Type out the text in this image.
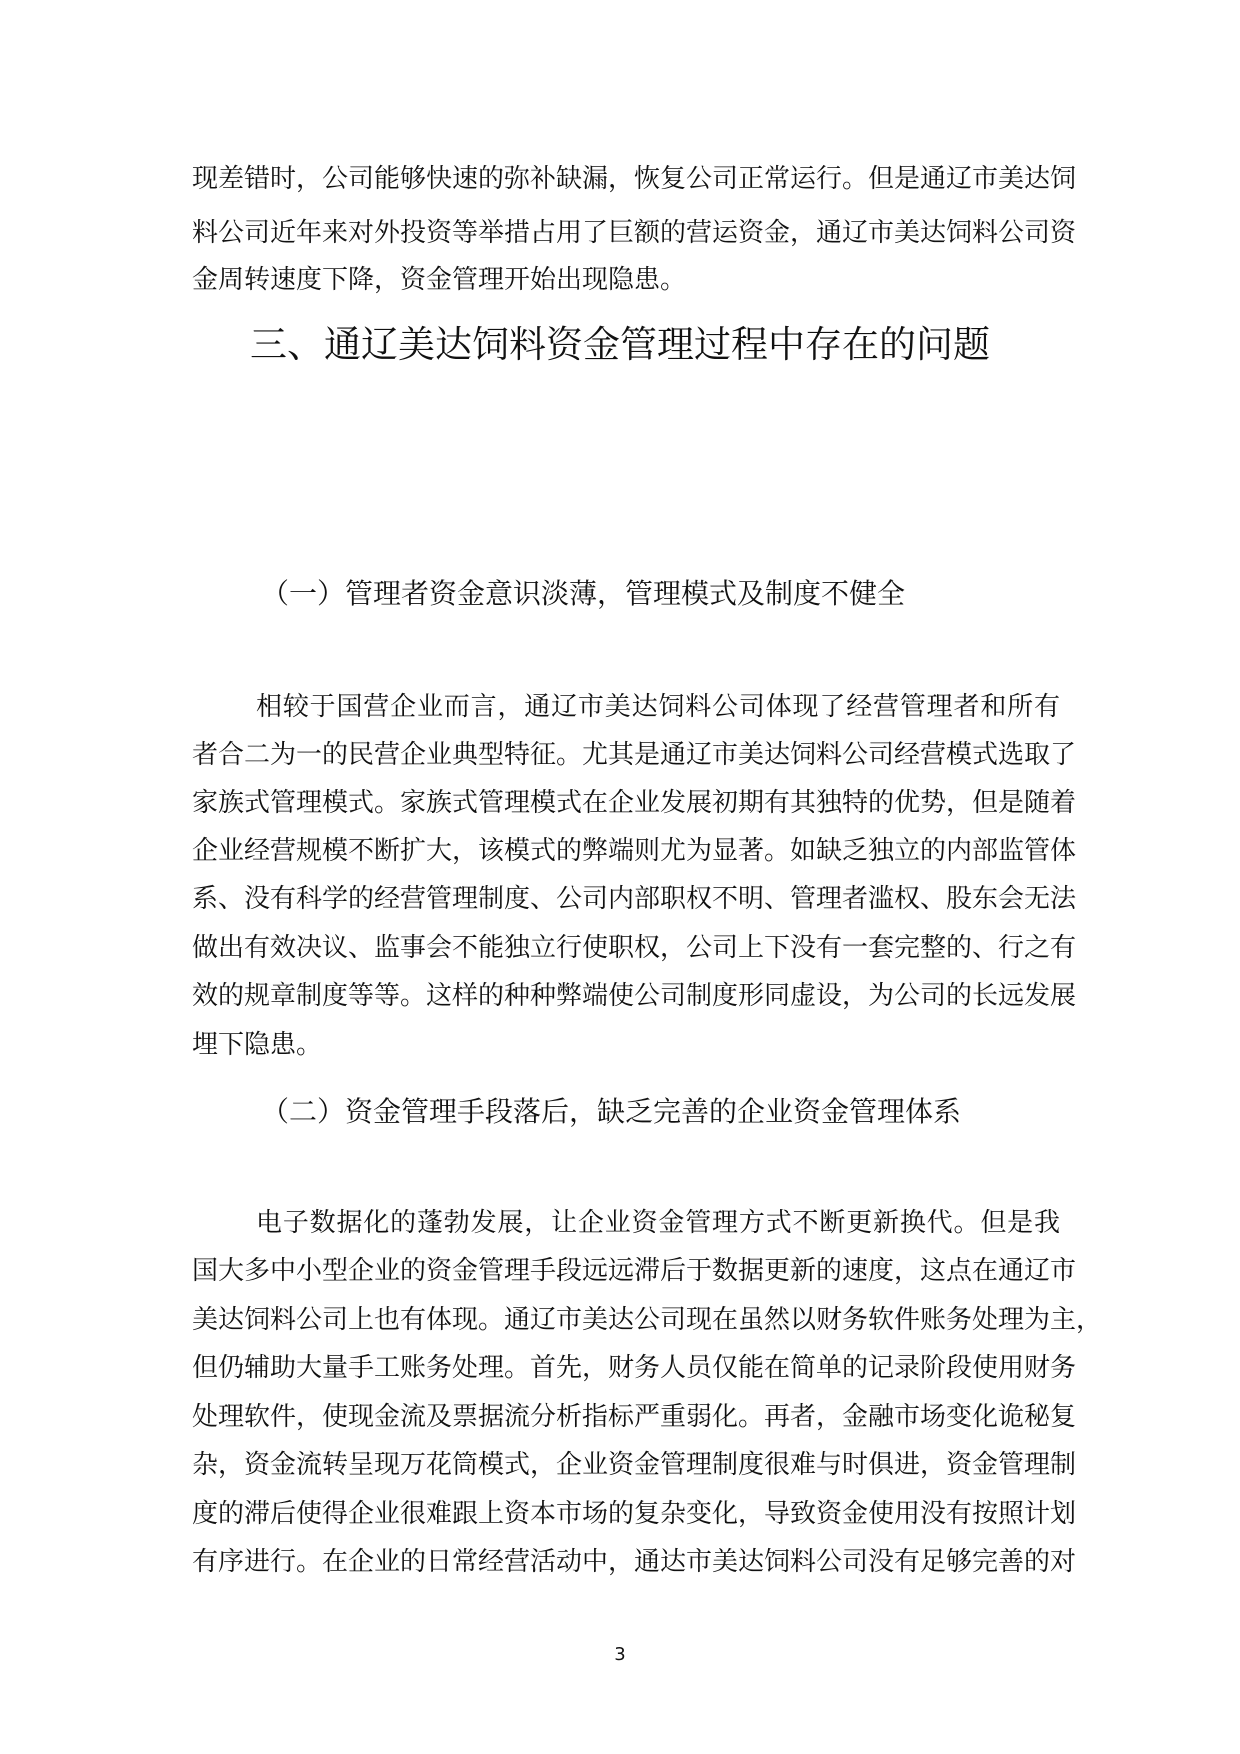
现差错时，公司能够快速的弥补缺漏，恢复公司正常运行。但是通辽市美达饲
料公司近年来对外投资等举措占用了巨额的营运资金，通辽市美达饲料公司资
金周转速度下降，资金管理开始出现隐患。
三、通辽美达饲料资金管理过程中存在的问题
（一）管理者资金意识淡薄，管理模式及制度不健全
相较于国营企业而言，通辽市美达饲料公司体现了经营管理者和所有
者合二为一的民营企业典型特征。尤其是通辽市美达饲料公司经营模式选取了
家族式管理模式。家族式管理模式在企业发展初期有其独特的优势，但是随着
企业经营规模不断扩大，该模式的弊端则尤为显著。如缺乏独立的内部监管体
系、没有科学的经营管理制度、公司内部职权不明、管理者滥权、股东会无法
做出有效决议、监事会不能独立行使职权，公司上下没有一套完整的、行之有
效的规章制度等等。这样的种种弊端使公司制度形同虚设，为公司的长远发展
埋下隐患。
（二）资金管理手段落后，缺乏完善的企业资金管理体系
电子数据化的蓬勃发展，让企业资金管理方式不断更新换代。但是我
国大多中小型企业的资金管理手段远远滞后于数据更新的速度，这点在通辽市
美达饲料公司上也有体现。通辽市美达公司现在虽然以财务软件账务处理为主，
但仍辅助大量手工账务处理。首先，财务人员仅能在简单的记录阶段使用财务
处理软件，使现金流及票据流分析指标严重弱化。再者，金融市场变化诡秘复
杂，资金流转呈现万花筒模式，企业资金管理制度很难与时俱进，资金管理制
度的滞后使得企业很难跟上资本市场的复杂变化，导致资金使用没有按照计划
有序进行。在企业的日常经营活动中，通达市美达饲料公司没有足够完善的对
3
